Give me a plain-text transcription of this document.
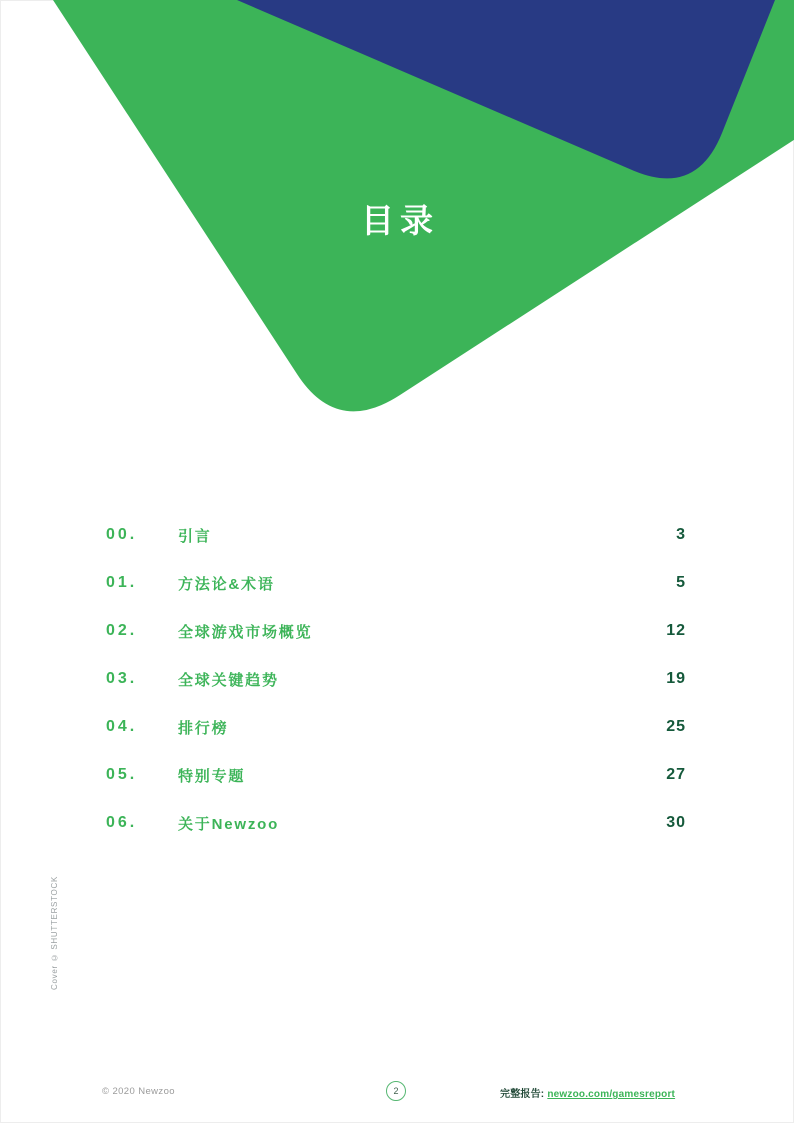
目录
00.	引言	3
01.	方法论&术语	5
02.	全球游戏市场概览	12
03.	全球关键趋势	19
04.	排行榜	25
05.	特别专题	27
06.	关于Newzoo	30
Cover © SHUTTERSTOCK
© 2020 Newzoo	2	完整报告: newzoo.com/gamesreport
